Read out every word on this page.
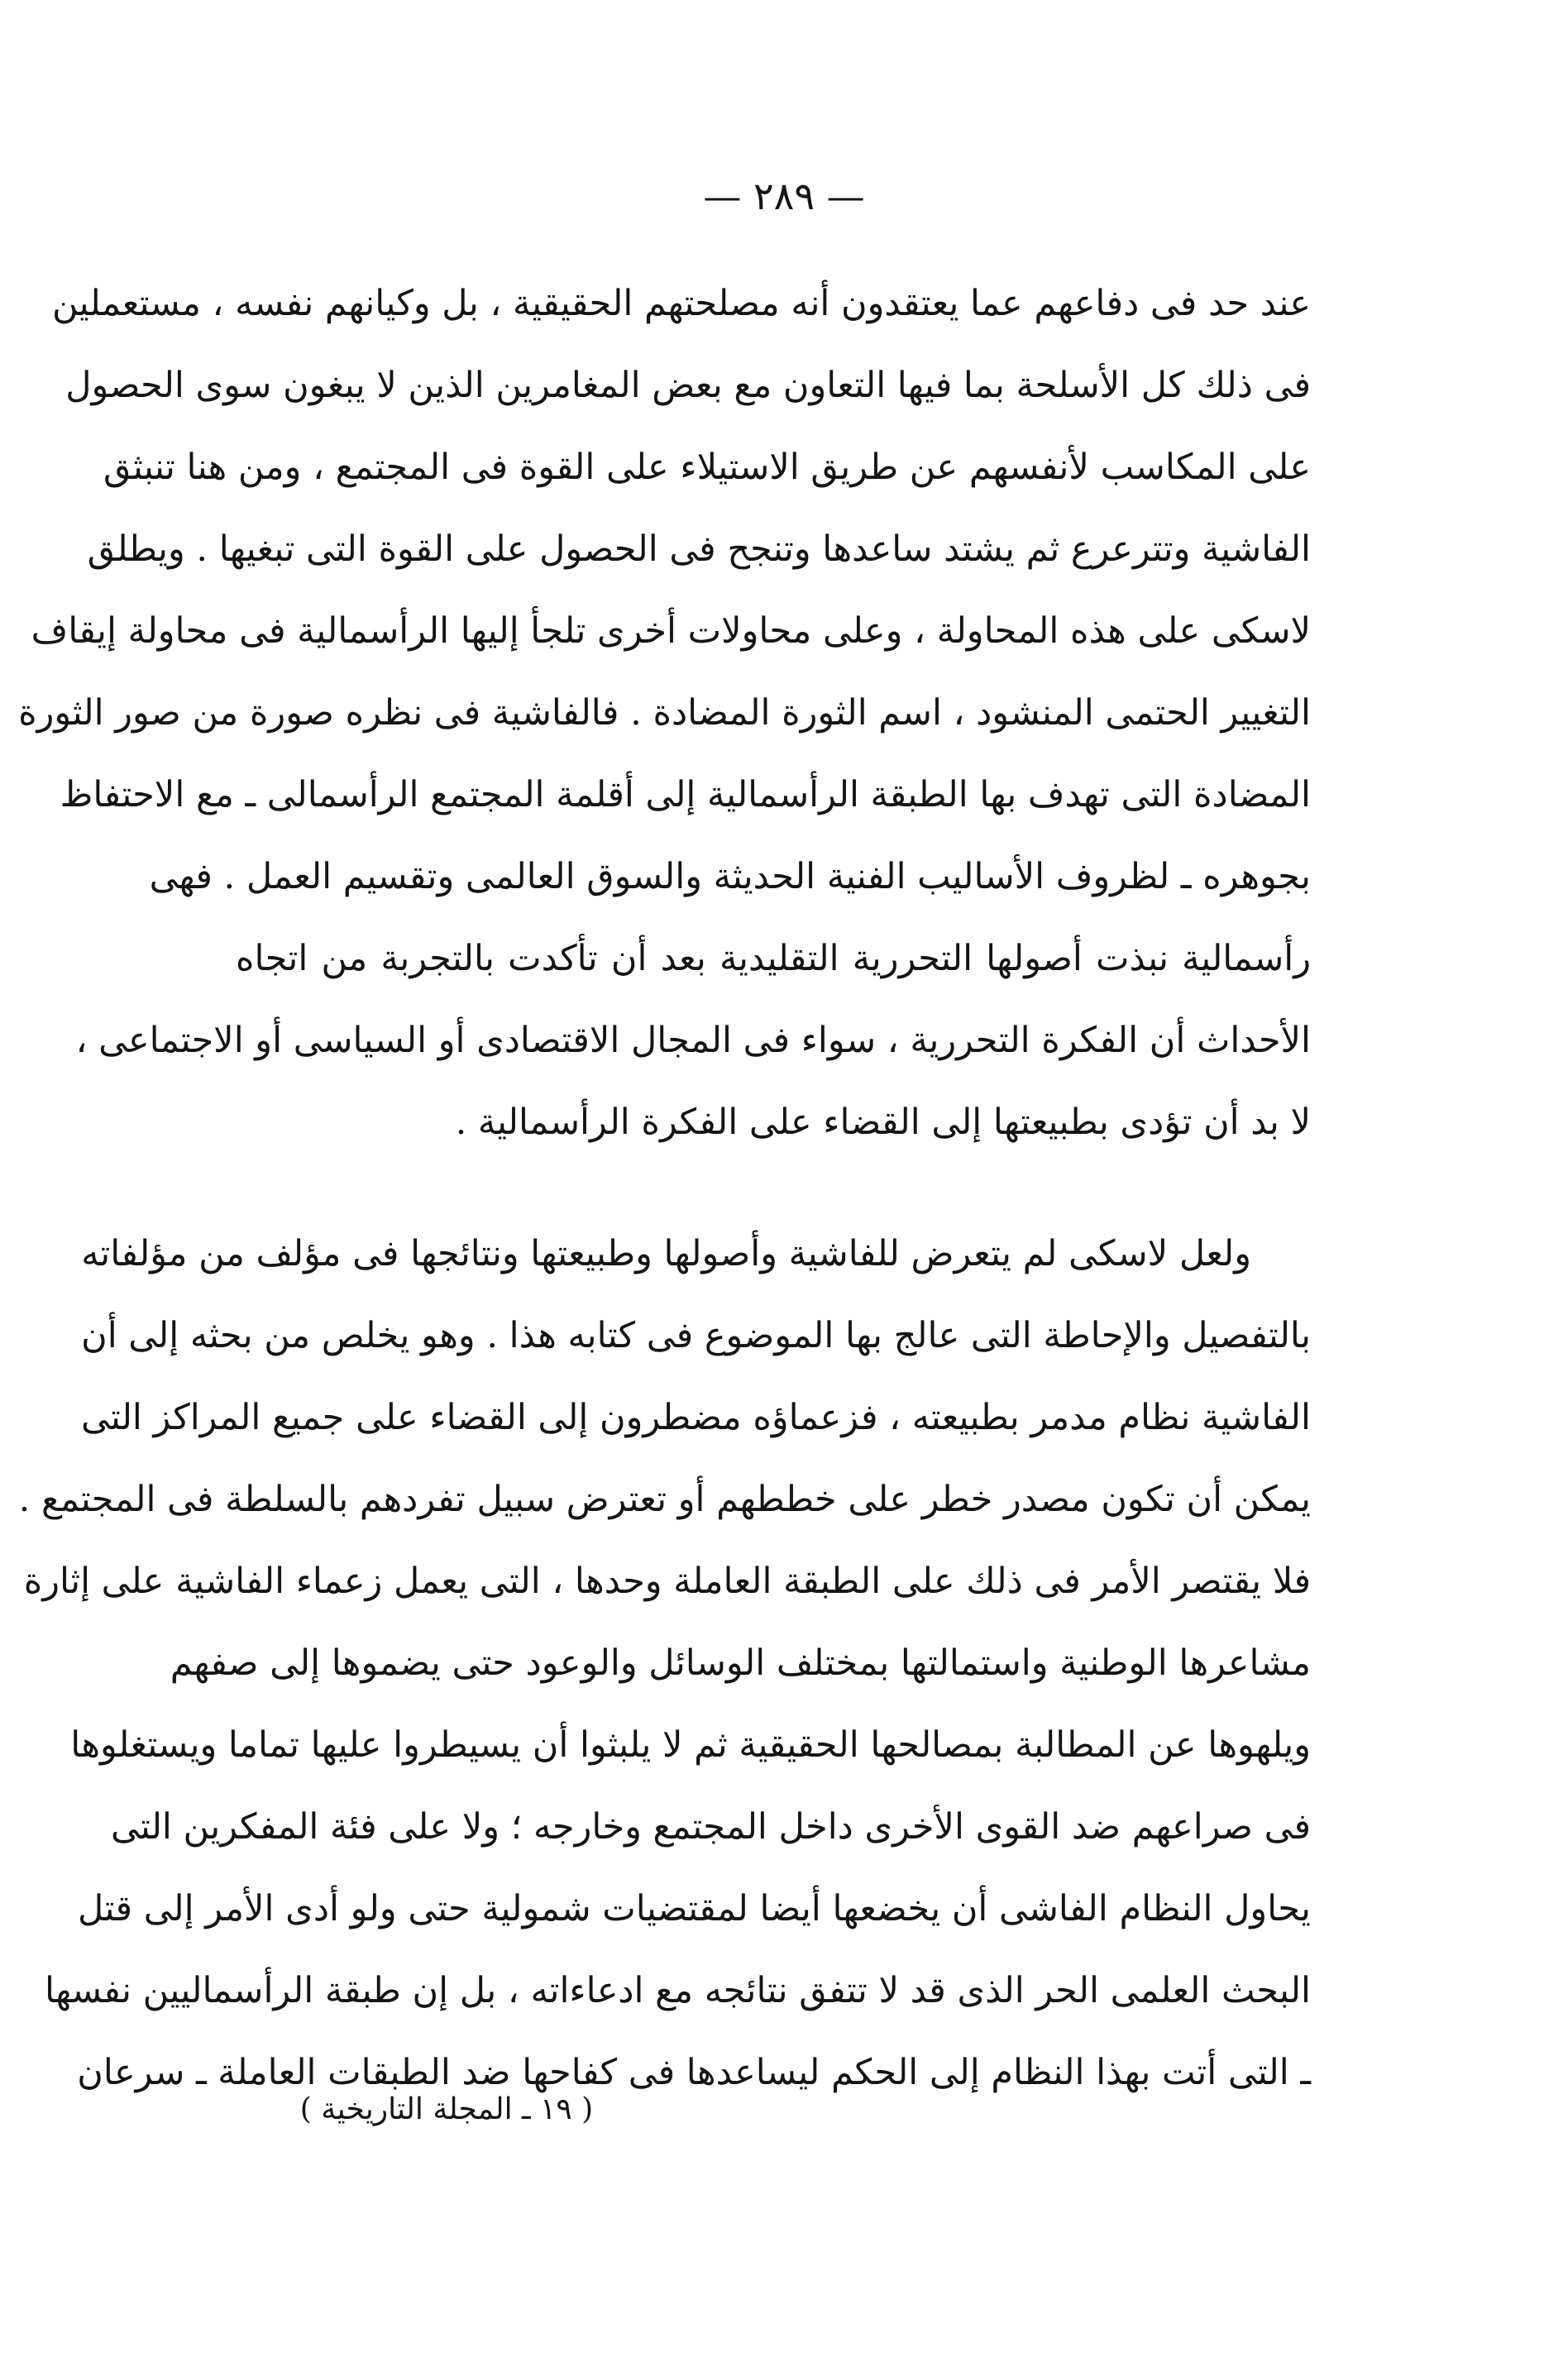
— ٢٨٩ —
عند حد فى دفاعهم عما يعتقدون أنه مصلحتهم الحقيقية ، بل وكيانهم نفسه ، مستعملين
فى ذلك كل الأسلحة بما فيها التعاون مع بعض المغامرين الذين لا يبغون سوى الحصول
على المكاسب لأنفسهم عن طريق الاستيلاء على القوة فى المجتمع ، ومن هنا تنبثق
الفاشية وتترعرع ثم يشتد ساعدها وتنجح فى الحصول على القوة التى تبغيها . ويطلق
لاسكى على هذه المحاولة ، وعلى محاولات أخرى تلجأ إليها الرأسمالية فى محاولة إيقاف
التغيير الحتمى المنشود ، اسم الثورة المضادة . فالفاشية فى نظره صورة من صور الثورة
المضادة التى تهدف بها الطبقة الرأسمالية إلى أقلمة المجتمع الرأسمالى ـ مع الاحتفاظ
بجوهره ـ لظروف الأساليب الفنية الحديثة والسوق العالمى وتقسيم العمل . فهى
رأسمالية نبذت أصولها التحررية التقليدية بعد أن تأكدت بالتجربة من اتجاه
الأحداث أن الفكرة التحررية ، سواء فى المجال الاقتصادى أو السياسى أو الاجتماعى ،
لا بد أن تؤدى بطبيعتها إلى القضاء على الفكرة الرأسمالية .
ولعل لاسكى لم يتعرض للفاشية وأصولها وطبيعتها ونتائجها فى مؤلف من مؤلفاته
بالتفصيل والإحاطة التى عالج بها الموضوع فى كتابه هذا . وهو يخلص من بحثه إلى أن
الفاشية نظام مدمر بطبيعته ، فزعماؤه مضطرون إلى القضاء على جميع المراكز التى
يمكن أن تكون مصدر خطر على خططهم أو تعترض سبيل تفردهم بالسلطة فى المجتمع .
فلا يقتصر الأمر فى ذلك على الطبقة العاملة وحدها ، التى يعمل زعماء الفاشية على إثارة
مشاعرها الوطنية واستمالتها بمختلف الوسائل والوعود حتى يضموها إلى صفهم
ويلهوها عن المطالبة بمصالحها الحقيقية ثم لا يلبثوا أن يسيطروا عليها تماما ويستغلوها
فى صراعهم ضد القوى الأخرى داخل المجتمع وخارجه ؛ ولا على فئة المفكرين التى
يحاول النظام الفاشى أن يخضعها أيضا لمقتضيات شمولية حتى ولو أدى الأمر إلى قتل
البحث العلمى الحر الذى قد لا تتفق نتائجه مع ادعاءاته ، بل إن طبقة الرأسماليين نفسها
ـ التى أتت بهذا النظام إلى الحكم ليساعدها فى كفاحها ضد الطبقات العاملة ـ سرعان
( ١٩ ـ المجلة التاريخية )
